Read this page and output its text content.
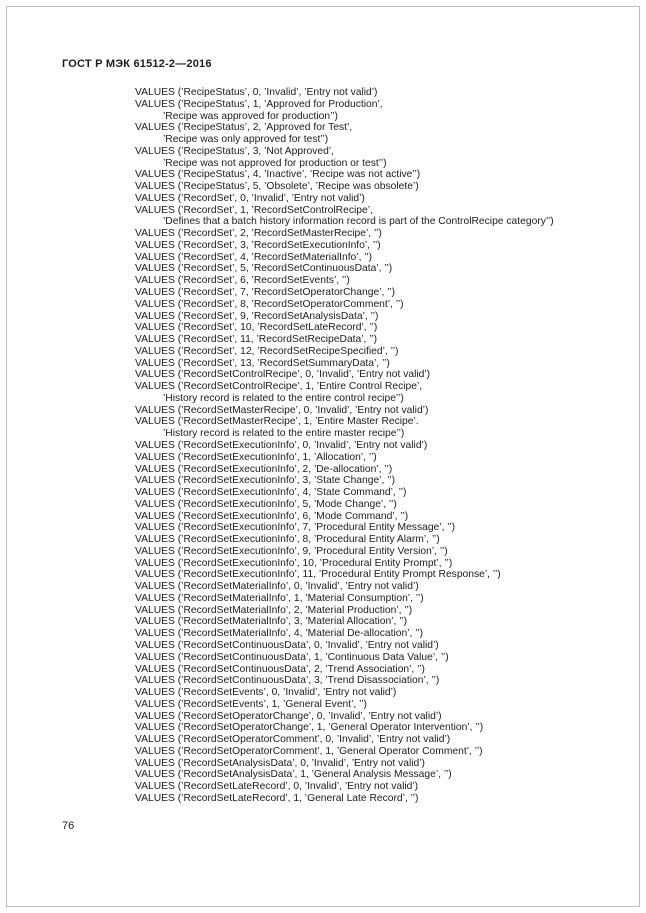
ГОСТ Р МЭК 61512-2—2016
VALUES (’RecipeStatus’, 0, ’Invalid’, ’Entry not valid’)
VALUES (’RecipeStatus’, 1, ’Approved for Production’,
’Recipe was approved for production’’)
VALUES (’RecipeStatus’, 2, ’Approved for Test’,
’Recipe was only approved for test’’)
VALUES (’RecipeStatus’, 3, ’Not Approved’,
’Recipe was not approved for production or test’’)
VALUES (’RecipeStatus’, 4, ’Inactive’, ’Recipe was not active’’)
VALUES (’RecipeStatus’, 5, ’Obsolete’, ’Recipe was obsolete’)
VALUES (’RecordSet’, 0, ’Invalid’, ’Entry not valid’)
VALUES (’RecordSet’, 1, ’RecordSetControlRecipe’,
’Defines that a batch history information record is part of the ControlRecipe category’’)
VALUES (’RecordSet’, 2, ’RecordSetMasterRecipe’, ’’)
VALUES (’RecordSet’, 3, ’RecordSetExecutionInfo’, ’’)
VALUES (’RecordSet’, 4, ’RecordSetMaterialInfo’, ’’)
VALUES (’RecordSet’, 5, ’RecordSetContinuousData’, ’’)
VALUES (’RecordSet’, 6, ’RecordSetEvents’, ’’)
VALUES (’RecordSet’, 7, ’RecordSetOperatorChange’, ’’)
VALUES (’RecordSet’, 8, ’RecordSetOperatorComment’, ’’)
VALUES (’RecordSet’, 9, ’RecordSetAnalysisData’, ’’)
VALUES (’RecordSet’, 10, ’RecordSetLateRecord’, ’’)
VALUES (’RecordSet’, 11, ’RecordSetRecipeData’, ’’)
VALUES (’RecordSet’, 12, ’RecordSetRecipeSpecified’, ’’)
VALUES (’RecordSet’, 13, ’RecordSetSummaryData’, ’’)
VALUES (’RecordSetControlRecipe’, 0, ’Invalid’, ’Entry not valid’)
VALUES (’RecordSetControlRecipe’, 1, ’Entire Control Recipe’,
’History record is related to the entire control recipe’’)
VALUES (’RecordSetMasterRecipe’, 0, ’Invalid’, ’Entry not valid’)
VALUES (’RecordSetMasterRecipe’, 1, ’Entire Master Recipe’.
’History record is related to the entire master recipe’’)
VALUES (’RecordSetExecutionInfo’, 0, ’Invalid’, ’Entry not valid’)
VALUES (’RecordSetExecutionInfo’, 1, ’Allocation’, ’’)
VALUES (’RecordSetExecutionInfo’, 2, ’De-allocation’, ’’)
VALUES (’RecordSetExecutionInfo’, 3, ’State Change’, ’’)
VALUES (’RecordSetExecutionInfo’, 4, ’State Command’, ’’)
VALUES (’RecordSetExecutionInfo’, 5, ’Mode Change’, ’’)
VALUES (’RecordSetExecutionInfo’, 6, ’Mode Command’, ’’)
VALUES (’RecordSetExecutionInfo’, 7, ’Procedural Entity Message’, ’’)
VALUES (’RecordSetExecutionInfo’, 8, ’Procedural Entity Alarm’, ’’)
VALUES (’RecordSetExecutionInfo’, 9, ’Procedural Entity Version’, ’’)
VALUES (’RecordSetExecutionInfo’, 10, ’Procedural Entity Prompt’, ’’)
VALUES (’RecordSetExecutionInfo’, 11, ’Procedural Entity Prompt Response’, ’’)
VALUES (’RecordSetMaterialInfo’, 0, ’Invalid’, ’Entry not valid’)
VALUES (’RecordSetMaterialInfo’, 1, ’Material Consumption’, ’’)
VALUES (’RecordSetMaterialInfo’, 2, ’Material Production’, ’’)
VALUES (’RecordSetMaterialInfo’, 3, ’Material Allocation’, ’’)
VALUES (’RecordSetMaterialInfo’, 4, ’Material De-allocation’, ’’)
VALUES (’RecordSetContinuousData’, 0, ’Invalid’, ’Entry not valid’)
VALUES (’RecordSetContinuousData’, 1, ’Continuous Data Value’, ’’)
VALUES (’RecordSetContinuousData’, 2, ’Trend Association’, ’’)
VALUES (’RecordSetContinuousData’, 3, ’Trend Disassociation’, ’’)
VALUES (’RecordSetEvents’, 0, ’Invalid’, ’Entry not valid’)
VALUES (’RecordSetEvents’, 1, ’General Event’, ’’)
VALUES (’RecordSetOperatorChange’, 0, ’Invalid’, ’Entry not valid’)
VALUES (’RecordSetOperatorChange’, 1, ’General Operator Intervention’, ’’)
VALUES (’RecordSetOperatorComment’, 0, ’Invalid’, ’Entry not valid’)
VALUES (’RecordSetOperatorComment’, 1, ’General Operator Comment’, ’’)
VALUES (’RecordSetAnalysisData’, 0, ’Invalid’, ’Entry not valid’)
VALUES (’RecordSetAnalysisData’, 1, ’General Analysis Message’, ’’)
VALUES (’RecordSetLateRecord’, 0, ’Invalid’, ’Entry not valid’)
VALUES (’RecordSetLateRecord’, 1, ’General Late Record’, ’’)
76
